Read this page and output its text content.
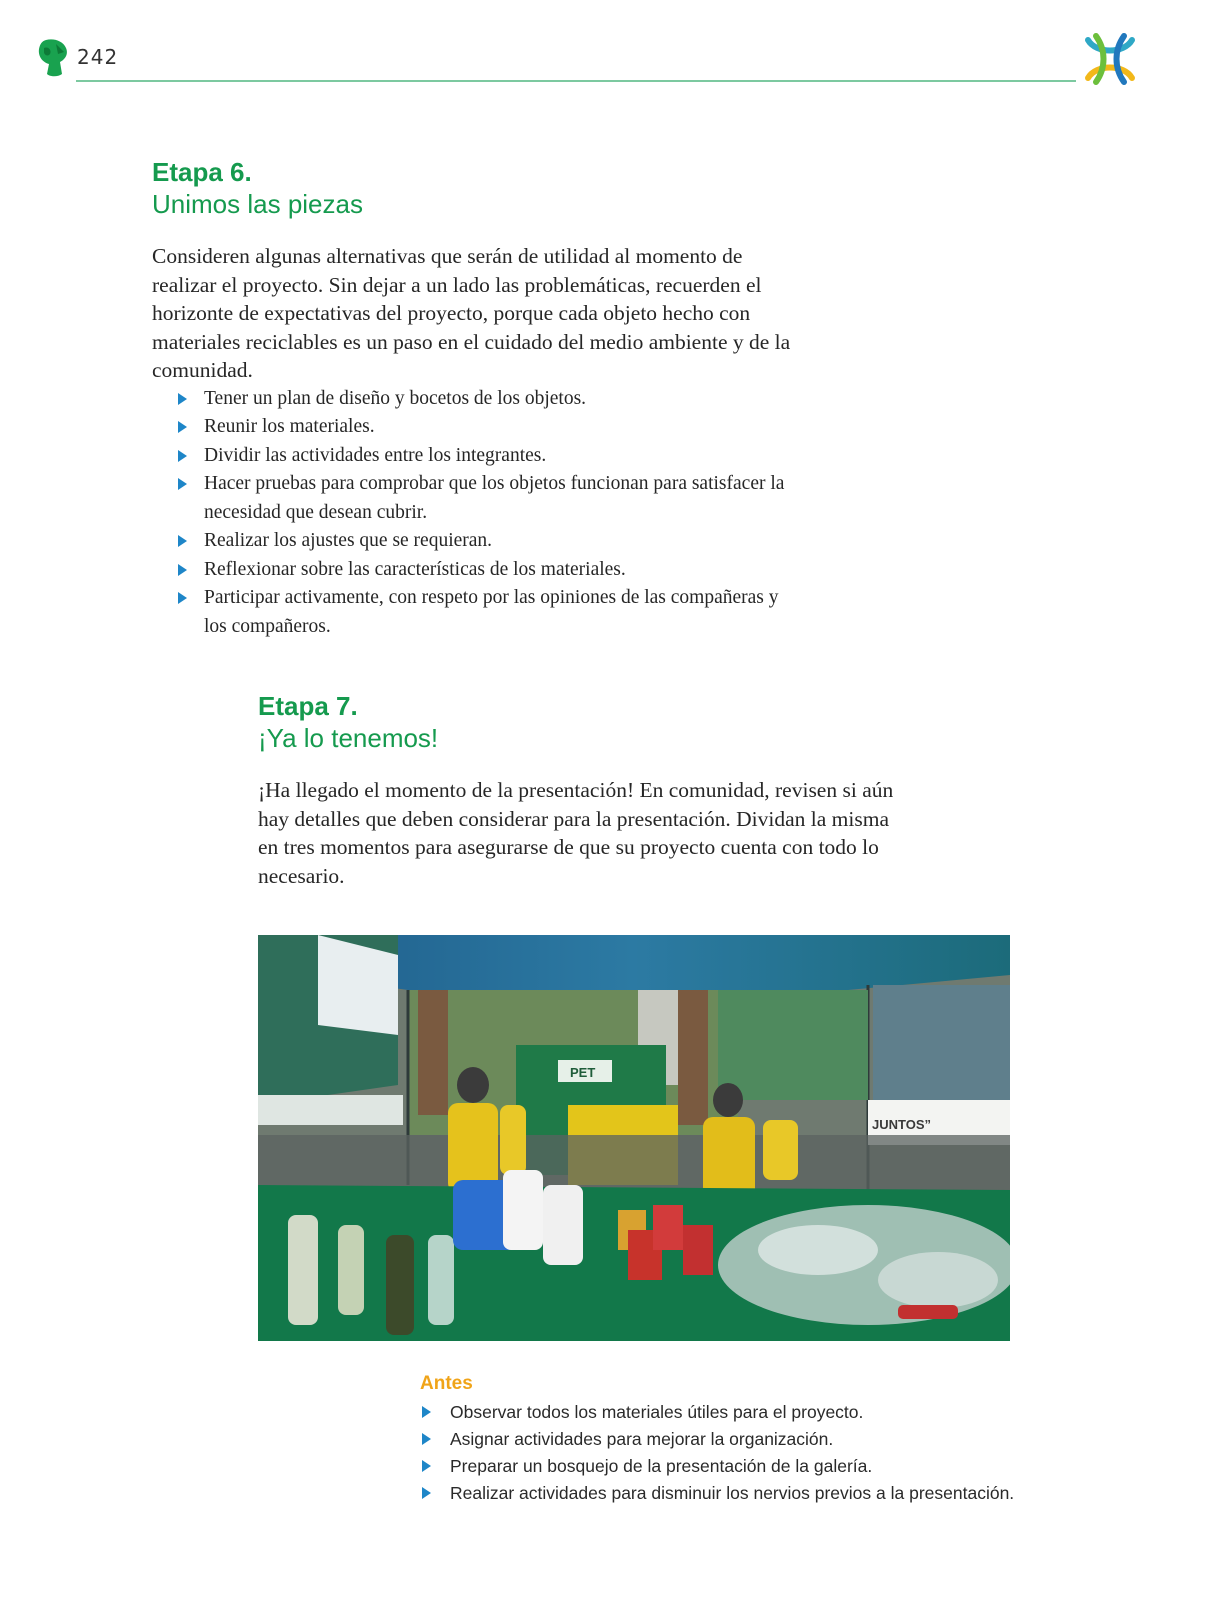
242
Etapa 6.
Unimos las piezas

Consideren algunas alternativas que serán de utilidad al momento de realizar el proyecto. Sin dejar a un lado las problemáticas, recuerden el horizonte de expectativas del proyecto, porque cada objeto hecho con materiales reciclables es un paso en el cuidado del medio ambiente y de la comunidad.

Tener un plan de diseño y bocetos de los objetos.
Reunir los materiales.
Dividir las actividades entre los integrantes.
Hacer pruebas para comprobar que los objetos funcionan para satisfacer la necesidad que desean cubrir.
Realizar los ajustes que se requieran.
Reflexionar sobre las características de los materiales.
Participar activamente, con respeto por las opiniones de las compañeras y los compañeros.
Etapa 7.
¡Ya lo tenemos!

¡Ha llegado el momento de la presentación! En comunidad, revisen si aún hay detalles que deben considerar para la presentación. Dividan la misma en tres momentos para asegurarse de que su proyecto cuenta con todo lo necesario.

JUNTOS”
PET
Antes
Observar todos los materiales útiles para el proyecto.
Asignar actividades para mejorar la organización.
Preparar un bosquejo de la presentación de la galería.
Realizar actividades para disminuir los nervios previos a la presentación.
